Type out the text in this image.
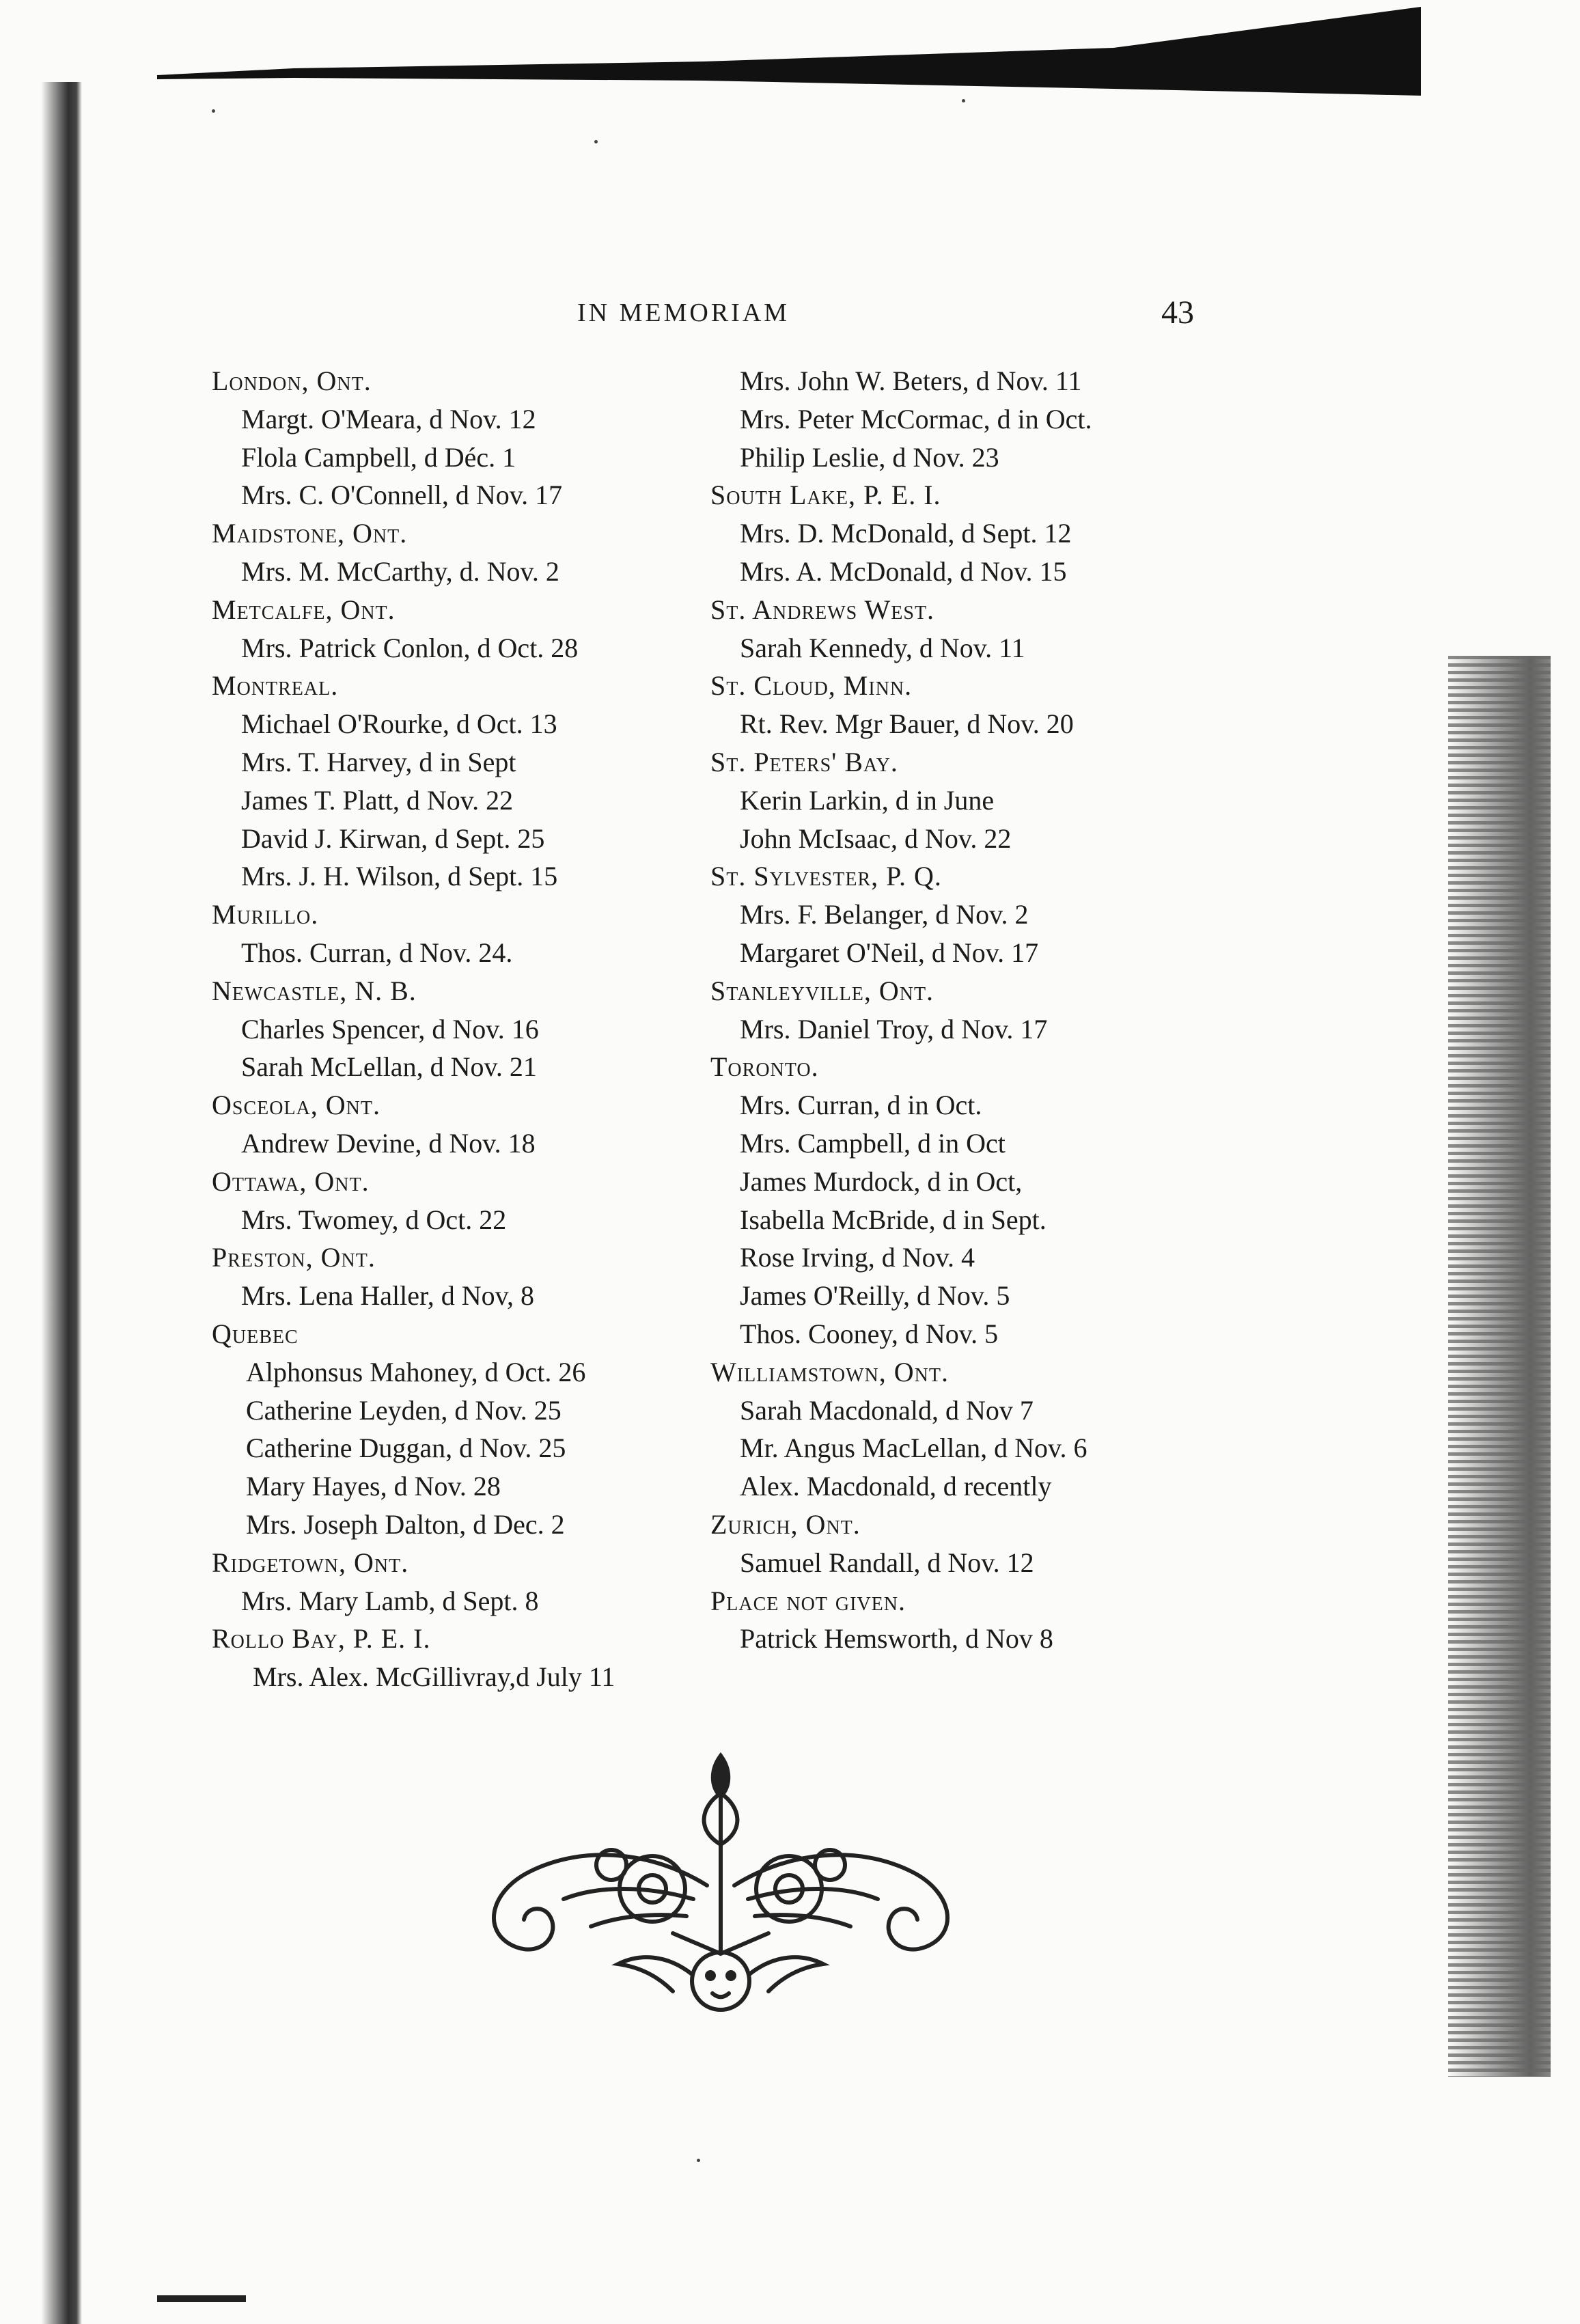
IN MEMORIAM	43
London, Ont.
Margt. O'Meara, d Nov. 12
Flola Campbell, d Déc. 1
Mrs. C. O'Connell, d Nov. 17
Maidstone, Ont.
Mrs. M. McCarthy, d. Nov. 2
Metcalfe, Ont.
Mrs. Patrick Conlon, d Oct. 28
Montreal.
Michael O'Rourke, d Oct. 13
Mrs. T. Harvey, d in Sept
James T. Platt, d Nov. 22
David J. Kirwan, d Sept. 25
Mrs. J. H. Wilson, d Sept. 15
Murillo.
Thos. Curran, d Nov. 24.
Newcastle, N. B.
Charles Spencer, d Nov. 16
Sarah McLellan, d Nov. 21
Osceola, Ont.
Andrew Devine, d Nov. 18
Ottawa, Ont.
Mrs. Twomey, d Oct. 22
Preston, Ont.
Mrs. Lena Haller, d Nov, 8
Quebec
Alphonsus Mahoney, d Oct. 26
Catherine Leyden, d Nov. 25
Catherine Duggan, d Nov. 25
Mary Hayes, d Nov. 28
Mrs. Joseph Dalton, d Dec. 2
Ridgetown, Ont.
Mrs. Mary Lamb, d Sept. 8
Rollo Bay, P. E. I.
Mrs. Alex. McGillivray,d July 11
Mrs. John W. Beters, d Nov. 11
Mrs. Peter McCormac, d in Oct.
Philip Leslie, d Nov. 23
South Lake, P. E. I.
Mrs. D. McDonald, d Sept. 12
Mrs. A. McDonald, d Nov. 15
St. Andrews West.
Sarah Kennedy, d Nov. 11
St. Cloud, Minn.
Rt. Rev. Mgr Bauer, d Nov. 20
St. Peters' Bay.
Kerin Larkin, d in June
John McIsaac, d Nov. 22
St. Sylvester, P. Q.
Mrs. F. Belanger, d Nov. 2
Margaret O'Neil, d Nov. 17
Stanleyville, Ont.
Mrs. Daniel Troy, d Nov. 17
Toronto.
Mrs. Curran, d in Oct.
Mrs. Campbell, d in Oct
James Murdock, d in Oct,
Isabella McBride, d in Sept.
Rose Irving, d Nov. 4
James O'Reilly, d Nov. 5
Thos. Cooney, d Nov. 5
Williamstown, Ont.
Sarah Macdonald, d Nov 7
Mr. Angus MacLellan, d Nov. 6
Alex. Macdonald, d recently
Zurich, Ont.
Samuel Randall, d Nov. 12
Place not given.
Patrick Hemsworth, d Nov 8
